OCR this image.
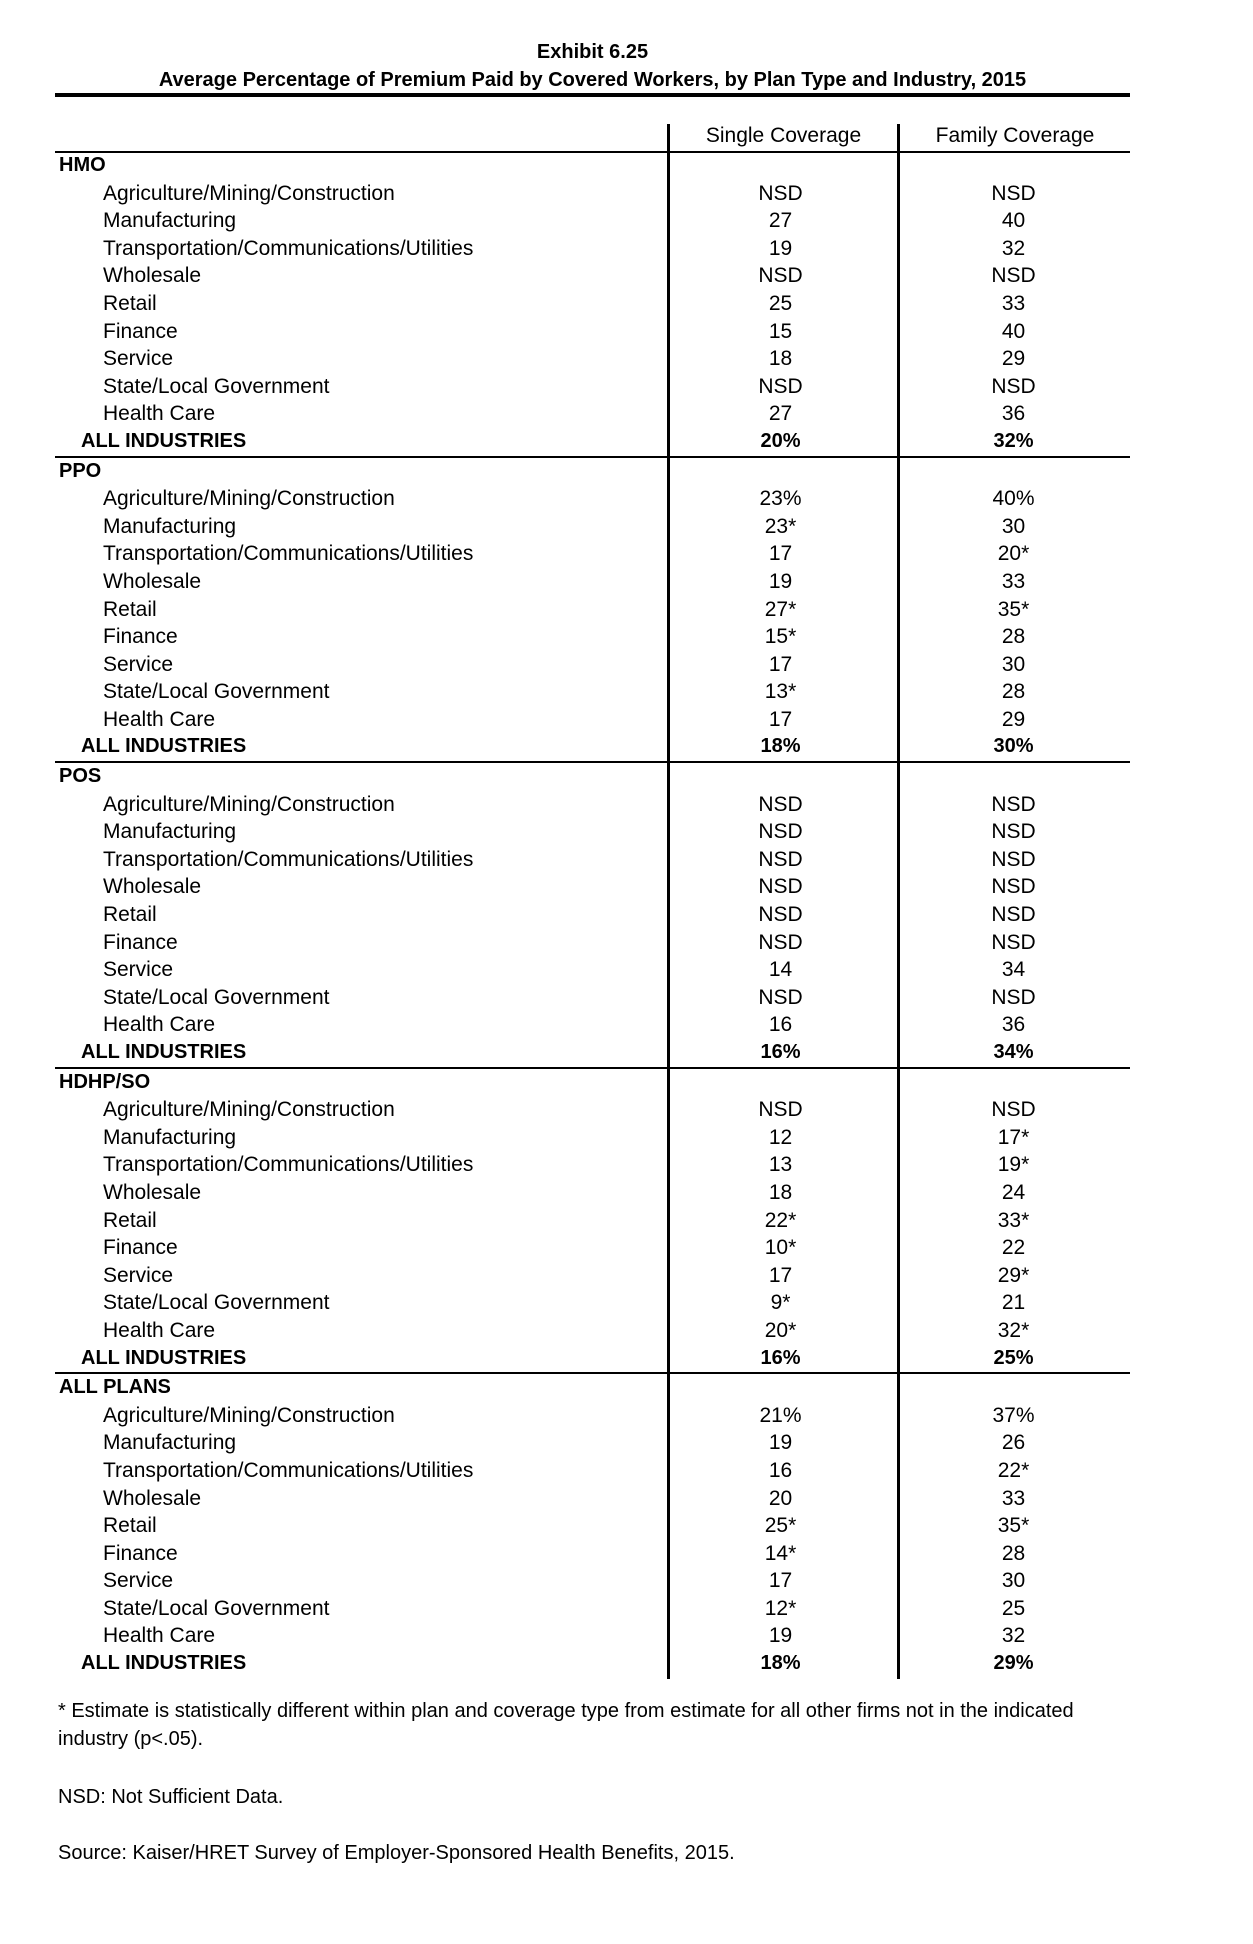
Exhibit 6.25
Average Percentage of Premium Paid by Covered Workers, by Plan Type and Industry, 2015
Single Coverage	Family Coverage
HMO
Agriculture/Mining/Construction	NSD	NSD
Manufacturing	27	40
Transportation/Communications/Utilities	19	32
Wholesale	NSD	NSD
Retail	25	33
Finance	15	40
Service	18	29
State/Local Government	NSD	NSD
Health Care	27	36
ALL INDUSTRIES	20%	32%
PPO
Agriculture/Mining/Construction	23%	40%
Manufacturing	23*	30
Transportation/Communications/Utilities	17	20*
Wholesale	19	33
Retail	27*	35*
Finance	15*	28
Service	17	30
State/Local Government	13*	28
Health Care	17	29
ALL INDUSTRIES	18%	30%
POS
Agriculture/Mining/Construction	NSD	NSD
Manufacturing	NSD	NSD
Transportation/Communications/Utilities	NSD	NSD
Wholesale	NSD	NSD
Retail	NSD	NSD
Finance	NSD	NSD
Service	14	34
State/Local Government	NSD	NSD
Health Care	16	36
ALL INDUSTRIES	16%	34%
HDHP/SO
Agriculture/Mining/Construction	NSD	NSD
Manufacturing	12	17*
Transportation/Communications/Utilities	13	19*
Wholesale	18	24
Retail	22*	33*
Finance	10*	22
Service	17	29*
State/Local Government	9*	21
Health Care	20*	32*
ALL INDUSTRIES	16%	25%
ALL PLANS
Agriculture/Mining/Construction	21%	37%
Manufacturing	19	26
Transportation/Communications/Utilities	16	22*
Wholesale	20	33
Retail	25*	35*
Finance	14*	28
Service	17	30
State/Local Government	12*	25
Health Care	19	32
ALL INDUSTRIES	18%	29%
* Estimate is statistically different within plan and coverage type from estimate for all other firms not in the indicated industry (p<.05).
NSD: Not Sufficient Data.
Source: Kaiser/HRET Survey of Employer-Sponsored Health Benefits, 2015.
